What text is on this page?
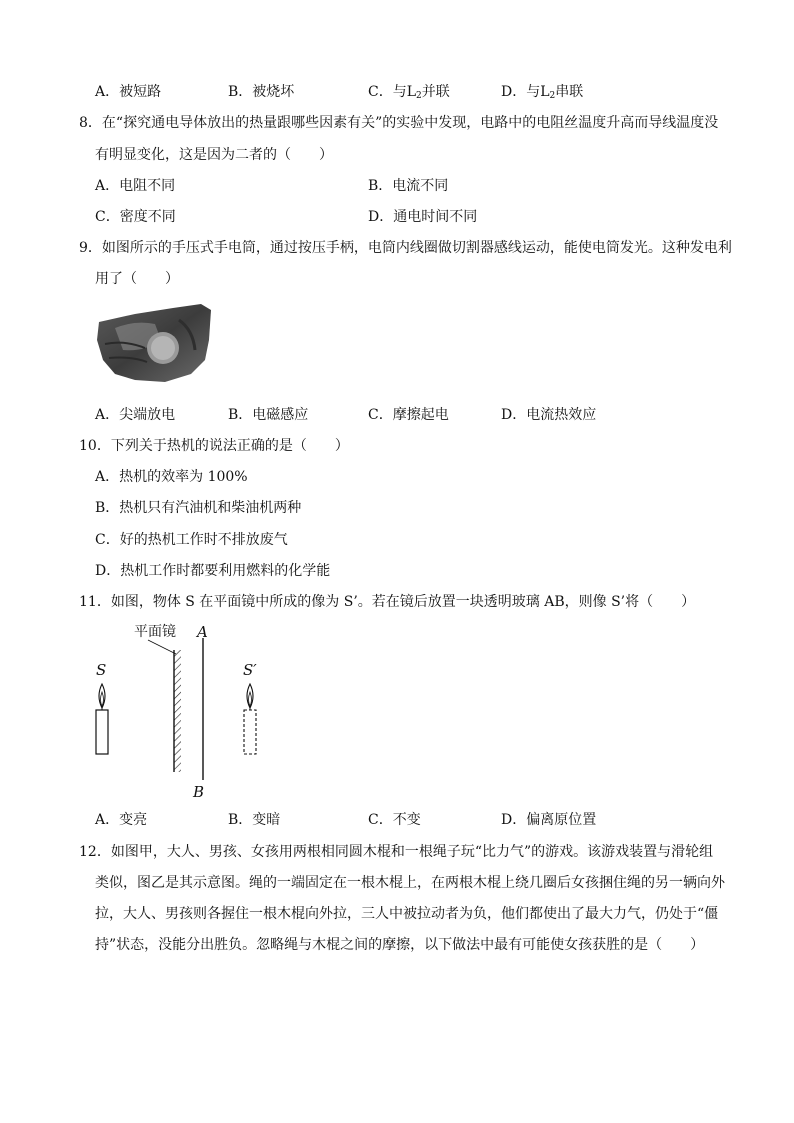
A．被短路	B．被烧坏	C．与$L_2$并联	D．与$L_2$串联
8．在“探究通电导体放出的热量跟哪些因素有关”的实验中发现，电路中的电阻丝温度升高而导线温度没
有明显变化，这是因为二者的（　　）
A．电阻不同	B．电流不同
C．密度不同	D．通电时间不同
9．如图所示的手压式手电筒，通过按压手柄，电筒内线圈做切割器感线运动，能使电筒发光。这种发电利
用了（　　）
A．尖端放电	B．电磁感应	C．摩擦起电	D．电流热效应
10．下列关于热机的说法正确的是（　　）
A．热机的效率为 100%
B．热机只有汽油机和柴油机两种
C．好的热机工作时不排放废气
D．热机工作时都要利用燃料的化学能
11．如图，物体 S 在平面镜中所成的像为 S’。若在镜后放置一块透明玻璃 AB，则像 S’将（　　）
平面镜 A
B
S	S′
A．变亮	B．变暗	C．不变	D．偏离原位置
12．如图甲，大人、男孩、女孩用两根相同圆木棍和一根绳子玩“比力气”的游戏。该游戏装置与滑轮组
类似，图乙是其示意图。绳的一端固定在一根木棍上，在两根木棍上绕几圈后女孩捆住绳的另一辆向外
拉，大人、男孩则各握住一根木棍向外拉，三人中被拉动者为负，他们都使出了最大力气，仍处于“僵
持”状态，没能分出胜负。忽略绳与木棍之间的摩擦，以下做法中最有可能使女孩获胜的是（　　）
